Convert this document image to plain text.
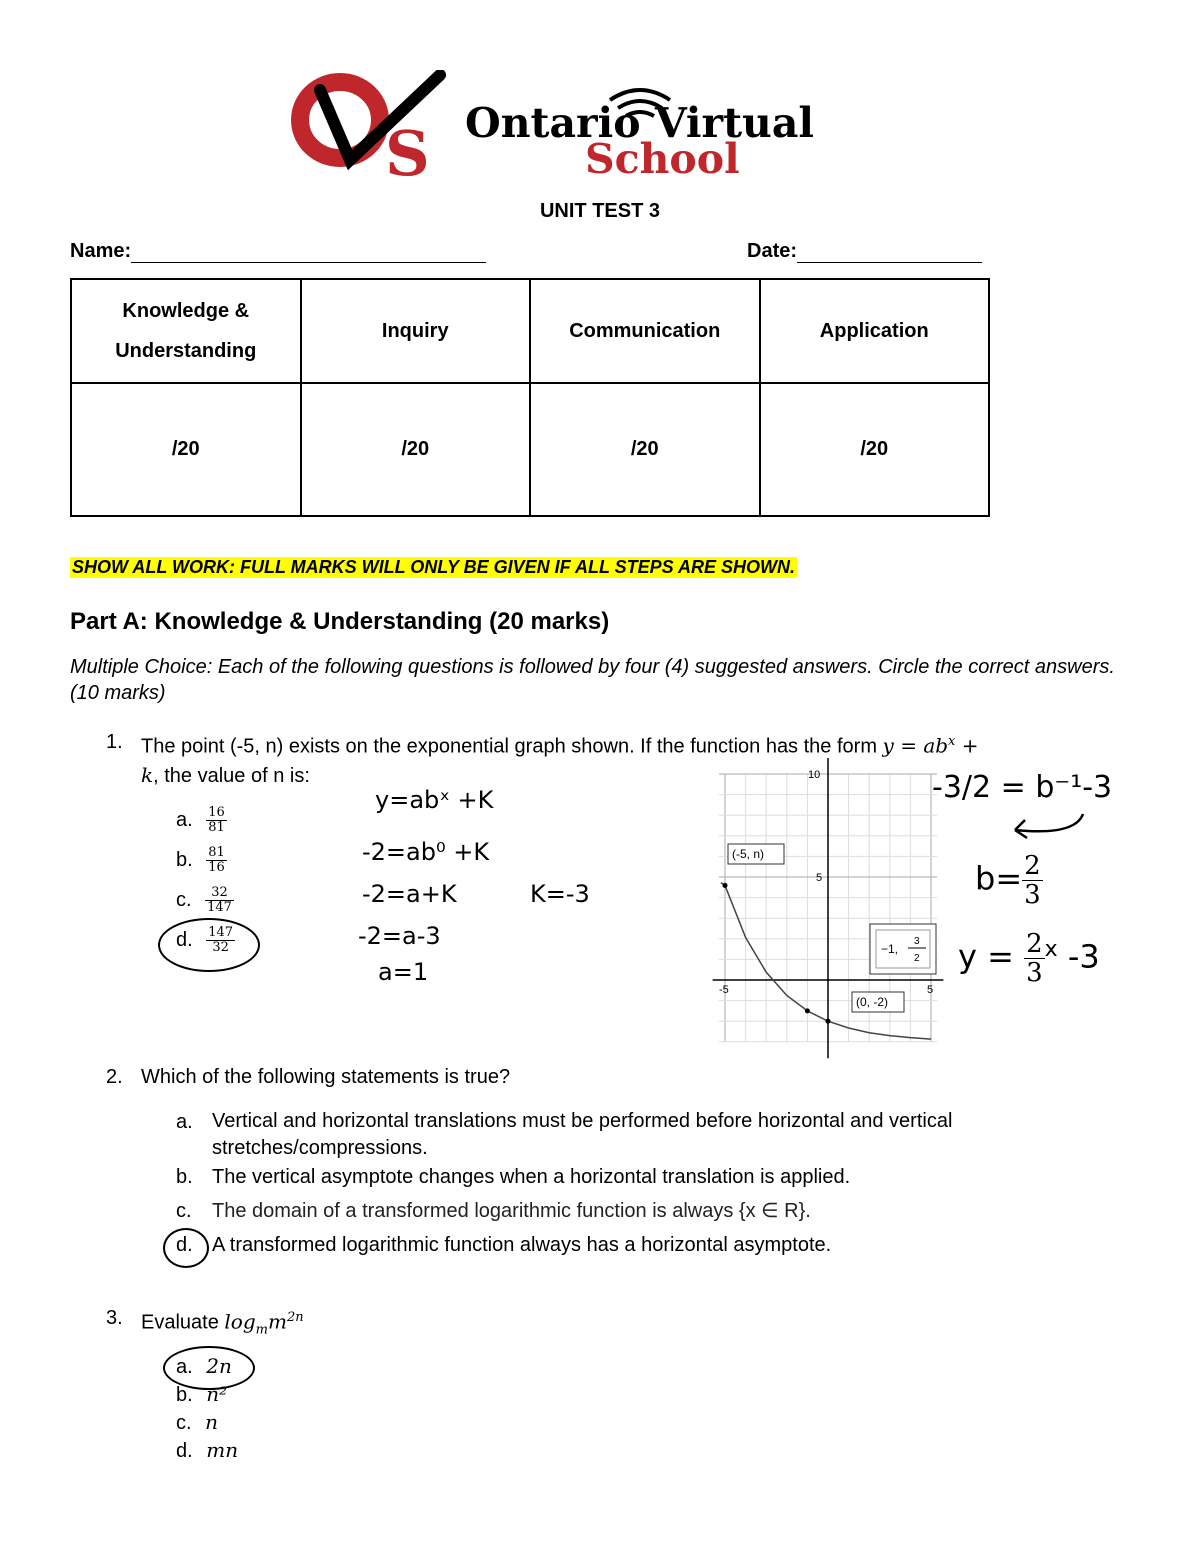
S Ontario Virtual
School
UNIT TEST 3
Name:	Date:
Knowledge & Understanding	Inquiry	Communication	Application
/20	/20	/20	/20
SHOW ALL WORK: FULL MARKS WILL ONLY BE GIVEN IF ALL STEPS ARE SHOWN.
Part A: Knowledge & Understanding (20 marks)
Multiple Choice: Each of the following questions is followed by four (4) suggested answers. Circle the correct answers. (10 marks)
1. The point (-5, n) exists on the exponential graph shown. If the function has the form $y = ab^x$ +
k, the value of n is:
a. $\frac{16}{81}$
b. $\frac{81}{16}$
c. $\frac{32}{147}$
d. $\frac{147}{32}$
y=abˣ +K
-2=ab⁰ +K
-2=a+K	K=-3
-2=a-3
a=1
10
5
-5	5
(-5, n)
−1,
3
2
(0, -2)
-3/2 = b⁻¹-3
$b= \frac{2}{3}$
$y = \frac{2}{3} ^x$ -3
2. Which of the following statements is true?
a. Vertical and horizontal translations must be performed before horizontal and vertical stretches/compressions.
b. The vertical asymptote changes when a horizontal translation is applied.
c. The domain of a transformed logarithmic function is always {x ∈ R}.
d. A transformed logarithmic function always has a horizontal asymptote.
3. Evaluate $\log_mm^{2n}$
a. 2n
b. n²
c. n
d. mn
